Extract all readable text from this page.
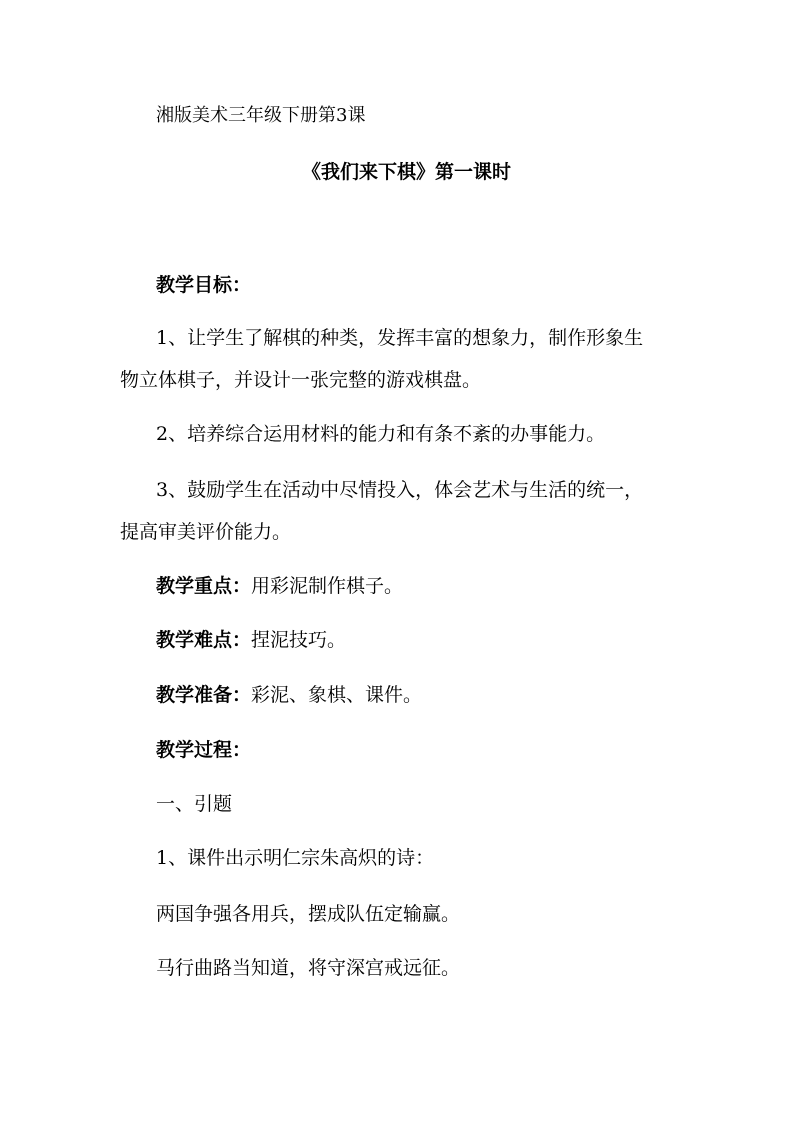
湘版美术三年级下册第3课
《我们来下棋》第一课时
教学目标：
1、让学生了解棋的种类，发挥丰富的想象力，制作形象生
物立体棋子，并设计一张完整的游戏棋盘。
2、培养综合运用材料的能力和有条不紊的办事能力。
3、鼓励学生在活动中尽情投入，体会艺术与生活的统一，
提高审美评价能力。
教学重点：用彩泥制作棋子。
教学难点：捏泥技巧。
教学准备：彩泥、象棋、课件。
教学过程：
一、引题
1、课件出示明仁宗朱高炽的诗：
两国争强各用兵，摆成队伍定输赢。
马行曲路当知道，将守深宫戒远征。
